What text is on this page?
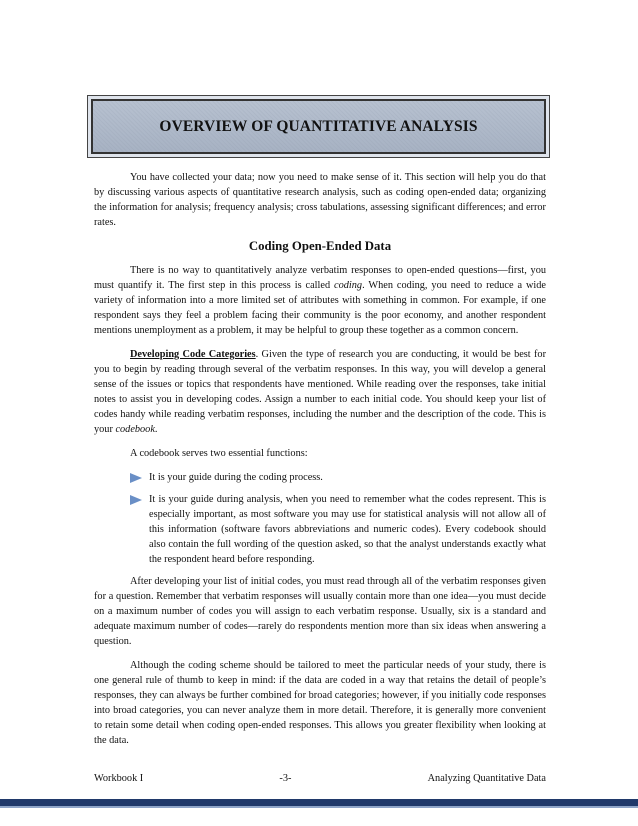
OVERVIEW OF QUANTITATIVE ANALYSIS

You have collected your data; now you need to make sense of it. This section will help you do that by discussing various aspects of quantitative research analysis, such as coding open-ended data; organizing the information for analysis; frequency analysis; cross tabulations, assessing significant differences; and error rates.

Coding Open-Ended Data

There is no way to quantitatively analyze verbatim responses to open-ended questions—first, you must quantify it. The first step in this process is called coding. When coding, you need to reduce a wide variety of information into a more limited set of attributes with something in common. For example, if one respondent says they feel a problem facing their community is the poor economy, and another respondent mentions unemployment as a problem, it may be helpful to group these together as a common concern.

Developing Code Categories. Given the type of research you are conducting, it would be best for you to begin by reading through several of the verbatim responses. In this way, you will develop a general sense of the issues or topics that respondents have mentioned. While reading over the responses, take initial notes to assist you in developing codes. Assign a number to each initial code. You should keep your list of codes handy while reading verbatim responses, including the number and the description of the code. This is your codebook.

A codebook serves two essential functions:

It is your guide during the coding process.
It is your guide during analysis, when you need to remember what the codes represent. This is especially important, as most software you may use for statistical analysis will not allow all of this information (software favors abbreviations and numeric codes). Every codebook should also contain the full wording of the question asked, so that the analyst understands exactly what the respondent heard before responding.

After developing your list of initial codes, you must read through all of the verbatim responses given for a question. Remember that verbatim responses will usually contain more than one idea—you must decide on a maximum number of codes you will assign to each verbatim response. Usually, six is a standard and adequate maximum number of codes—rarely do respondents mention more than six ideas when answering a question.

Although the coding scheme should be tailored to meet the particular needs of your study, there is one general rule of thumb to keep in mind: if the data are coded in a way that retains the detail of people’s responses, they can always be further combined for broad categories; however, if you initially code responses into broad categories, you can never analyze them in more detail. Therefore, it is generally more convenient to retain some detail when coding open-ended responses. This allows you greater flexibility when looking at the data.

Workbook I	-3-	Analyzing Quantitative Data
